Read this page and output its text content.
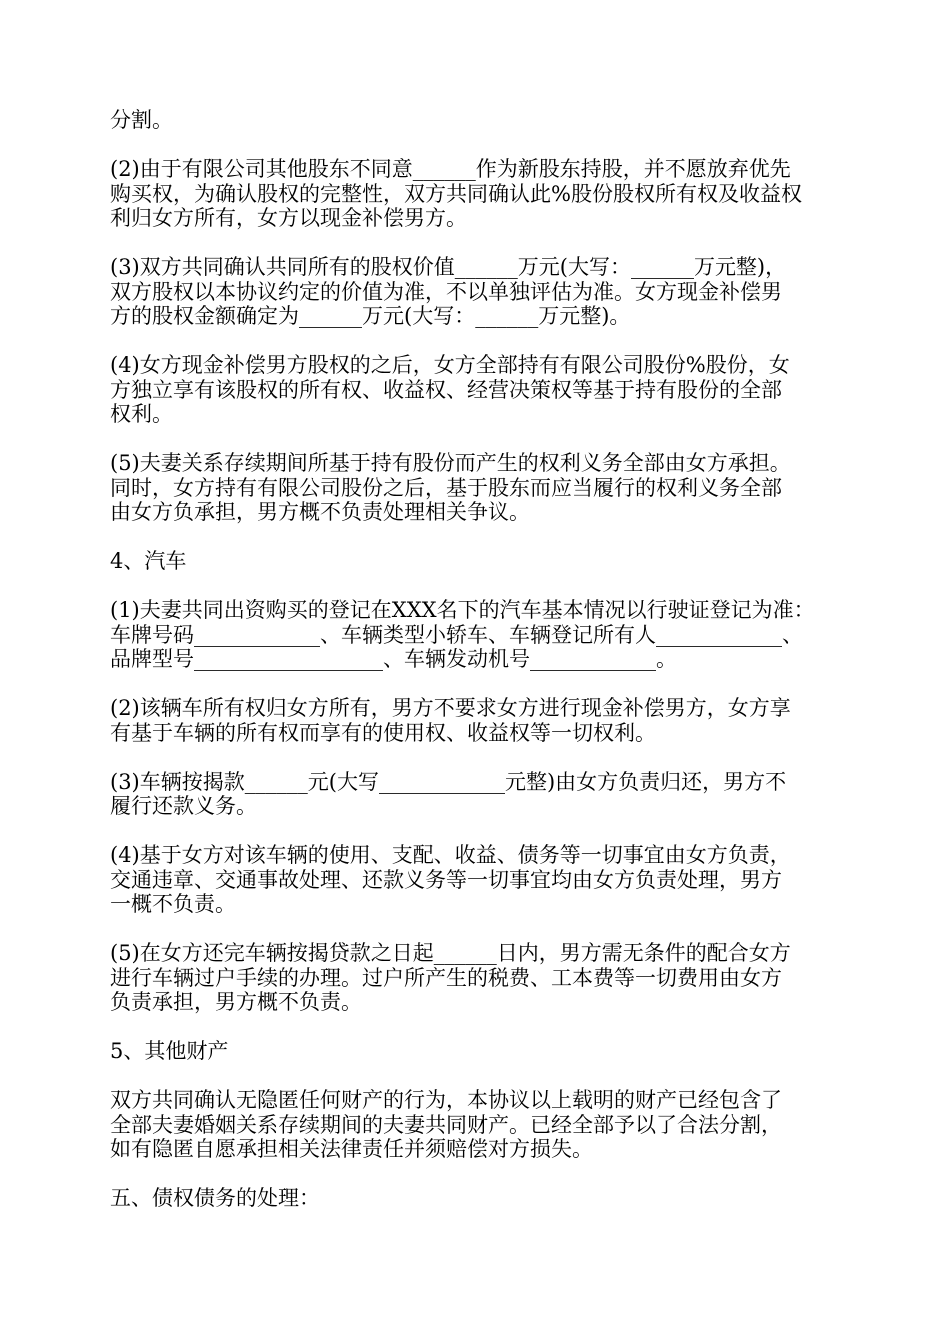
分割。
(2)由于有限公司其他股东不同意______作为新股东持股，并不愿放弃优先
购买权，为确认股权的完整性，双方共同确认此%股份股权所有权及收益权
利归女方所有，女方以现金补偿男方。
(3)双方共同确认共同所有的股权价值______万元(大写：______万元整)，
双方股权以本协议约定的价值为准，不以单独评估为准。女方现金补偿男
方的股权金额确定为______万元(大写：______万元整)。
(4)女方现金补偿男方股权的之后，女方全部持有有限公司股份%股份，女
方独立享有该股权的所有权、收益权、经营决策权等基于持有股份的全部
权利。
(5)夫妻关系存续期间所基于持有股份而产生的权利义务全部由女方承担。
同时，女方持有有限公司股份之后，基于股东而应当履行的权利义务全部
由女方负承担，男方概不负责处理相关争议。
4、汽车
(1)夫妻共同出资购买的登记在XXX名下的汽车基本情况以行驶证登记为准：
车牌号码____________、车辆类型小轿车、车辆登记所有人____________、
品牌型号__________________、车辆发动机号____________。
(2)该辆车所有权归女方所有，男方不要求女方进行现金补偿男方，女方享
有基于车辆的所有权而享有的使用权、收益权等一切权利。
(3)车辆按揭款______元(大写____________元整)由女方负责归还，男方不
履行还款义务。
(4)基于女方对该车辆的使用、支配、收益、债务等一切事宜由女方负责，
交通违章、交通事故处理、还款义务等一切事宜均由女方负责处理，男方
一概不负责。
(5)在女方还完车辆按揭贷款之日起______日内，男方需无条件的配合女方
进行车辆过户手续的办理。过户所产生的税费、工本费等一切费用由女方
负责承担，男方概不负责。
5、其他财产
双方共同确认无隐匿任何财产的行为，本协议以上载明的财产已经包含了
全部夫妻婚姻关系存续期间的夫妻共同财产。已经全部予以了合法分割，
如有隐匿自愿承担相关法律责任并须赔偿对方损失。
五、债权债务的处理：
